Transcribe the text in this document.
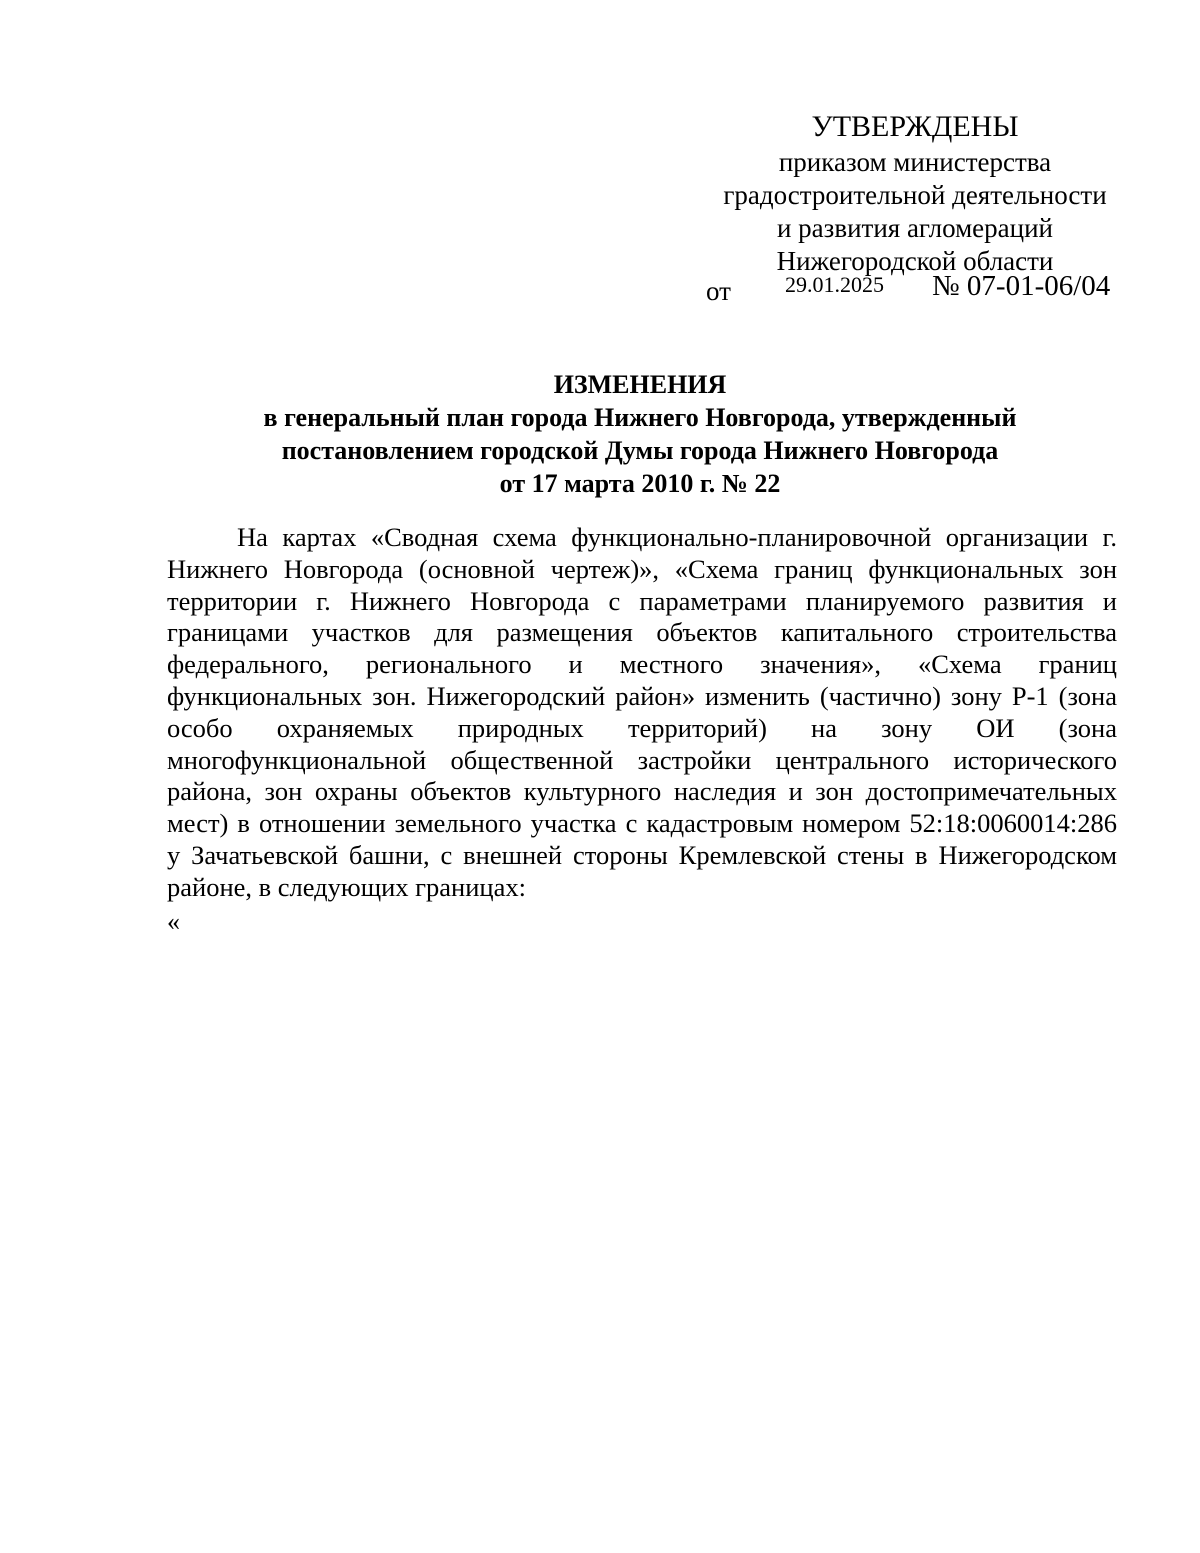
УТВЕРЖДЕНЫ
приказом министерства
градостроительной деятельности
и развития агломераций
Нижегородской области
от 29.01.2025 № 07-01-06/04
ИЗМЕНЕНИЯ
в генеральный план города Нижнего Новгорода, утвержденный
постановлением городской Думы города Нижнего Новгорода
от 17 марта 2010 г. № 22

На картах «Сводная схема функционально-планировочной организации г. Нижнего Новгорода (основной чертеж)», «Схема границ функциональных зон территории г. Нижнего Новгорода с параметрами планируемого развития и границами участков для размещения объектов капитального строительства федерального, регионального и местного значения», «Схема границ функциональных зон. Нижегородский район» изменить (частично) зону Р-1 (зона особо охраняемых природных территорий) на зону ОИ (зона многофункциональной общественной застройки центрального исторического района, зон охраны объектов культурного наследия и зон достопримечательных мест) в отношении земельного участка с кадастровым номером 52:18:0060014:286 у Зачатьевской башни, с внешней стороны Кремлевской стены в Нижегородском районе, в следующих границах:

«
